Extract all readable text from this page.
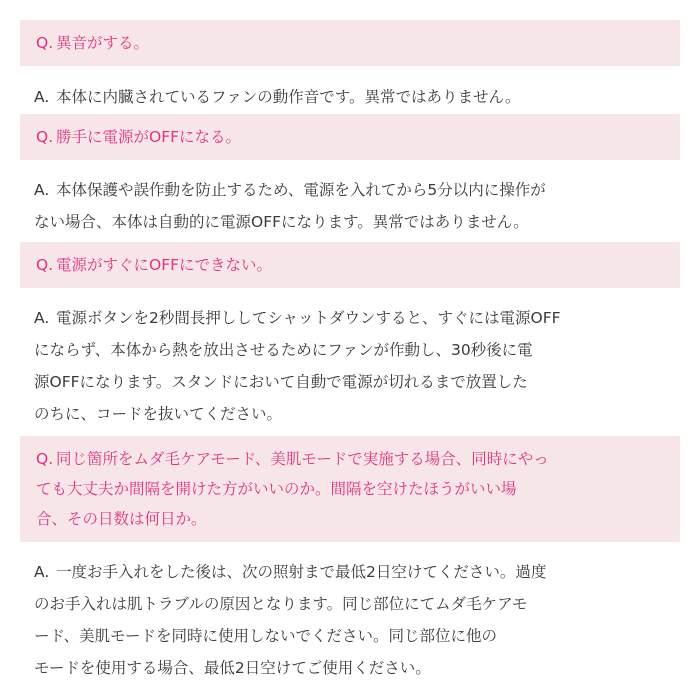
Q. 異音がする。
A. 本体に内臓されているファンの動作音です。異常ではありません。
Q. 勝手に電源がOFFになる。
A. 本体保護や誤作動を防止するため、電源を入れてから5分以内に操作が
ない場合、本体は自動的に電源OFFになります。異常ではありません。
Q. 電源がすぐにOFFにできない。
A. 電源ボタンを2秒間長押ししてシャットダウンすると、すぐには電源OFF
にならず、本体から熱を放出させるためにファンが作動し、30秒後に電
源OFFになります。スタンドにおいて自動で電源が切れるまで放置した
のちに、コードを抜いてください。
Q. 同じ箇所をムダ毛ケアモード、美肌モードで実施する場合、同時にやっ
ても大丈夫か間隔を開けた方がいいのか。間隔を空けたほうがいい場
合、その日数は何日か。
A. 一度お手入れをした後は、次の照射まで最低2日空けてください。過度
のお手入れは肌トラブルの原因となります。同じ部位にてムダ毛ケアモ
ード、美肌モードを同時に使用しないでください。同じ部位に他の
モードを使用する場合、最低2日空けてご使用ください。
